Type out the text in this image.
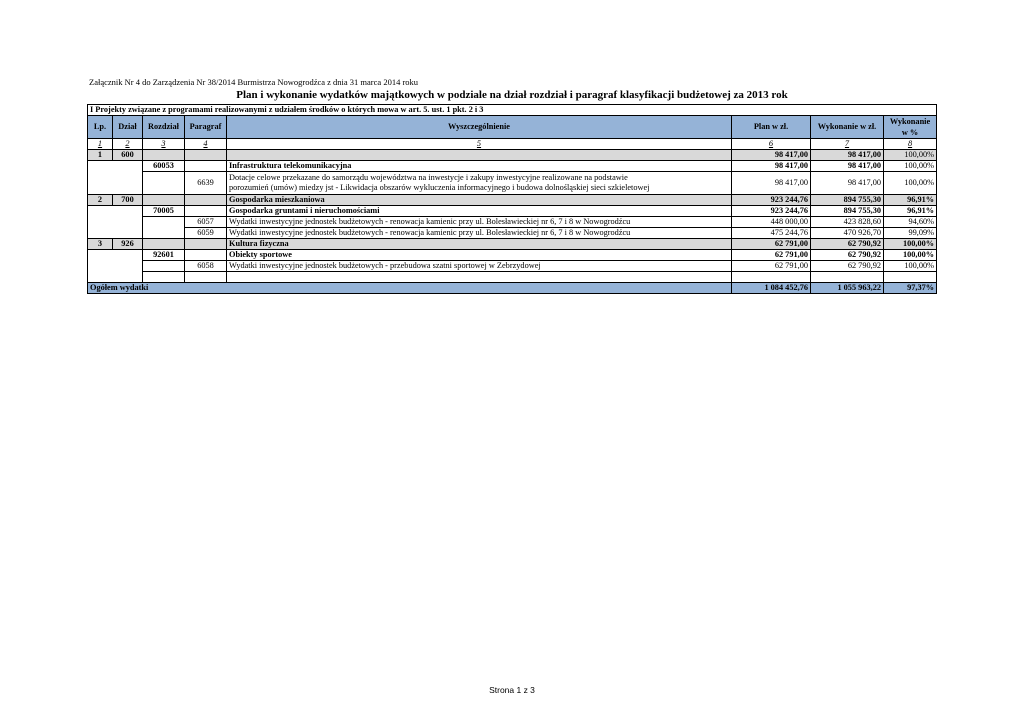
Załącznik Nr 4 do Zarządzenia Nr 38/2014 Burmistrza Nowogrodźca z dnia 31 marca 2014 roku
Plan i wykonanie wydatków majątkowych w podziale na dział rozdział i paragraf klasyfikacji budżetowej za 2013 rok
I Projekty związane z programami realizowanymi z udziałem środków o których mowa w art. 5. ust. 1 pkt. 2 i 3							
Lp.	Dział	Rozdział	Paragraf	Wyszczególnienie	Plan w zł.	Wykonanie w zł.	Wykonanie
w %
1	2	3	4	5	6	7	8
1	600				98 417,00	98 417,00	100,00%
		60053		Infrastruktura telekomunikacyjna	98 417,00	98 417,00	100,00%
			6639	Dotacje celowe przekazane do samorządu województwa na inwestycje i zakupy inwestycyjne realizowane na podstawie
porozumień (umów) miedzy jst - Likwidacja obszarów wykluczenia informacyjnego i budowa dolnośląskiej sieci szkieletowej	98 417,00	98 417,00	100,00%
2	700			Gospodarka mieszkaniowa	923 244,76	894 755,30	96,91%
		70005		Gospodarka gruntami i nieruchomościami	923 244,76	894 755,30	96,91%
			6057	Wydatki inwestycyjne jednostek budżetowych - renowacja kamienic przy ul. Bolesławieckiej nr 6, 7 i 8 w Nowogrodźcu	448 000,00	423 828,60	94,60%
			6059	Wydatki inwestycyjne jednostek budżetowych - renowacja kamienic przy ul. Bolesławieckiej nr 6, 7 i 8 w Nowogrodźcu	475 244,76	470 926,70	99,09%
3	926			Kultura fizyczna	62 791,00	62 790,92	100,00%
		92601		Obiekty sportowe	62 791,00	62 790,92	100,00%
			6058	Wydatki inwestycyjne jednostek budżetowych - przebudowa szatni sportowej w Zebrzydowej	62 791,00	62 790,92	100,00%

Ogółem wydatki					1 084 452,76	1 055 963,22	97,37%
Strona 1 z 3
